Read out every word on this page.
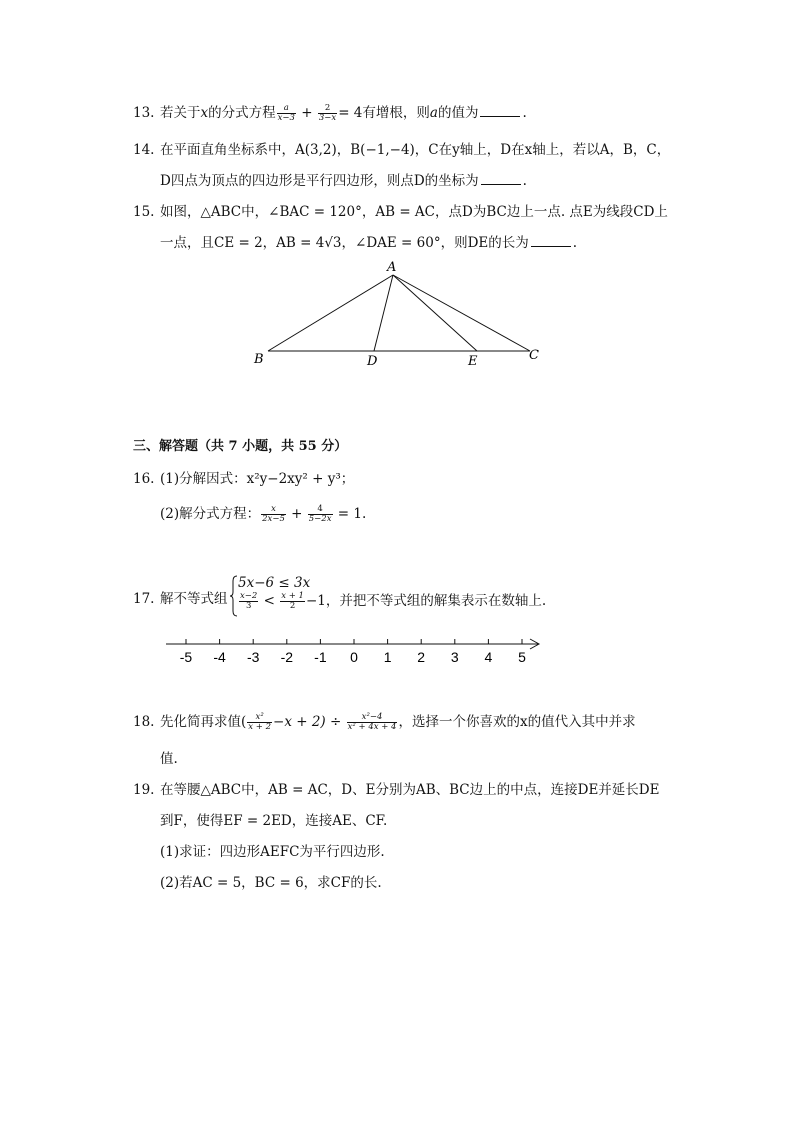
13. 若关于x的分式方程 $\frac{a}{x-3} + \frac{2}{3-x} = 4$有增根，则a的值为	.
14. 在平面直角坐标系中，A(3,2)，B(−1,−4)，C在y轴上，D在x轴上，若以A，B，C，
D四点为顶点的四边形是平行四边形，则点D的坐标为	.
15. 如图，△ABC中，∠BAC = 120°，AB = AC，点D为BC边上一点. 点E为线段CD上
一点，且CE = 2，AB = 4√3，∠DAE = 60°，则DE的长为	.
A
B	C
D	E
三、解答题（共 7 小题，共 55 分）
16. (1)分解因式：x²y−2xy² + y³；
(2)解分式方程： $\frac{x}{2x-5} + \frac{4}{5-2x} = 1$.
17. 解不等式组
5x−6 ≤ 3x
$\frac{x-2}{3} < \frac{x + 1}{2} -1$，并把不等式组的解集表示在数轴上.
-5 -4 -3 -2 -1 0 1 2 3 4 5
18. 先化简再求值( $\frac{\text{x²}}{x + 2} -x + 2) \div \frac{\text{x²−4}}{\text{x² + 4x + 4}}$ ，选择一个你喜欢的x的值代入其中并求
值.
19. 在等腰△ABC中，AB = AC，D、E分别为AB、BC边上的中点，连接DE并延长DE
到F，使得EF = 2ED，连接AE、CF.
(1)求证：四边形AEFC为平行四边形.
(2)若AC = 5，BC = 6，求CF的长.
